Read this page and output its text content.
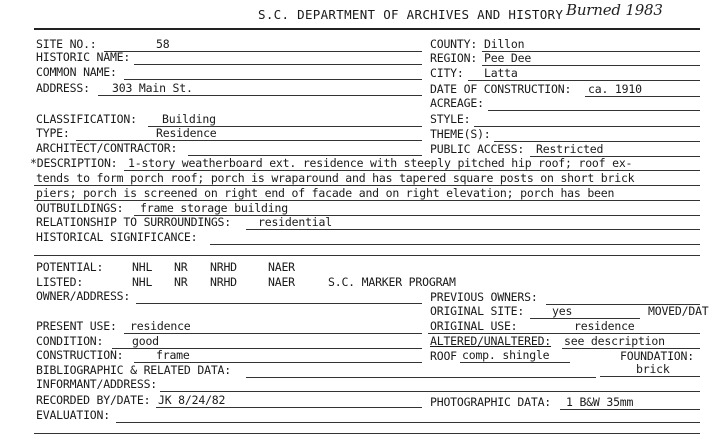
S.C. DEPARTMENT OF ARCHIVES AND HISTORY Burned 1983
SITE NO.:	58
HISTORIC NAME:
COMMON NAME:
ADDRESS: 303 Main St.
COUNTY: Dillon
REGION: Pee Dee
CITY: Latta
DATE OF CONSTRUCTION: ca. 1910
ACREAGE:
CLASSIFICATION: Building	STYLE:
TYPE:	Residence	THEME(S):
ARCHITECT/CONTRACTOR:	PUBLIC ACCESS: Restricted
*DESCRIPTION: 1-story weatherboard ext. residence with steeply pitched hip roof; roof ex-
tends to form porch roof; porch is wraparound and has tapered square posts on short brick
piers; porch is screened on right end of facade and on right elevation; porch has been
OUTBUILDINGS: frame storage building
RELATIONSHIP TO SURROUNDINGS: residential
HISTORICAL SIGNIFICANCE:
POTENTIAL:	NHL NR NRHD	NAER
LISTED:	NHL NR NRHD	NAER	S.C. MARKER PROGRAM
OWNER/ADDRESS:	PREVIOUS OWNERS:
ORIGINAL SITE: yes	MOVED/DAT
PRESENT USE: residence	ORIGINAL USE:	residence
CONDITION:	good	ALTERED/UNALTERED: see description
CONSTRUCTION:	frame	ROOF comp. shingle	FOUNDATION:
brick
BIBLIOGRAPHIC & RELATED DATA:
INFORMANT/ADDRESS:
RECORDED BY/DATE: JK 8/24/82	PHOTOGRAPHIC DATA: 1 B&W 35mm
EVALUATION:
